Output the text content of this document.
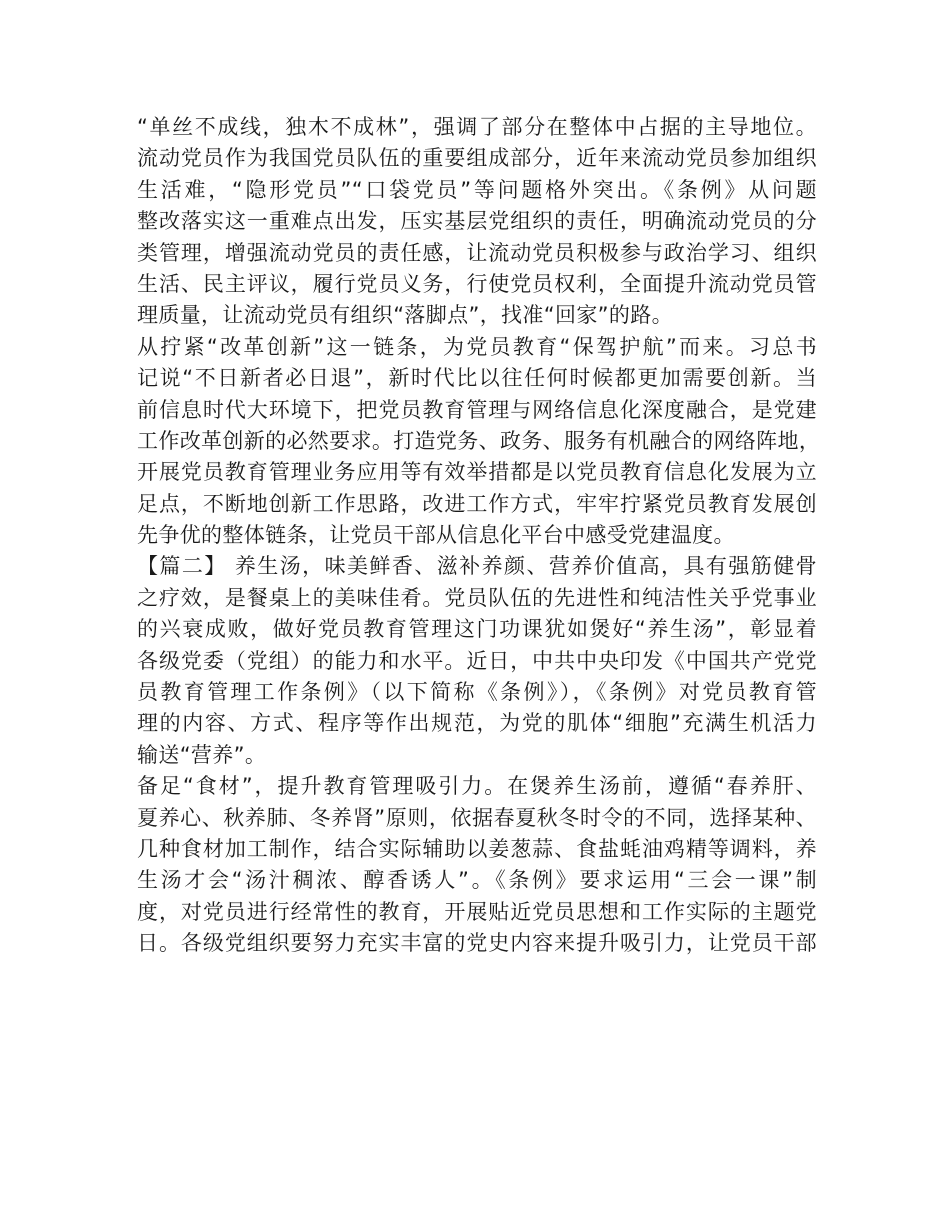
“单丝不成线，独木不成林”，强调了部分在整体中占据的主导地位。
流动党员作为我国党员队伍的重要组成部分，近年来流动党员参加组织
生活难，“隐形党员”“口袋党员”等问题格外突出。《条例》从问题
整改落实这一重难点出发，压实基层党组织的责任，明确流动党员的分
类管理，增强流动党员的责任感，让流动党员积极参与政治学习、组织
生活、民主评议，履行党员义务，行使党员权利，全面提升流动党员管
理质量，让流动党员有组织“落脚点”，找准“回家”的路。
从拧紧“改革创新”这一链条，为党员教育“保驾护航”而来。习总书
记说“不日新者必日退”，新时代比以往任何时候都更加需要创新。当
前信息时代大环境下，把党员教育管理与网络信息化深度融合，是党建
工作改革创新的必然要求。打造党务、政务、服务有机融合的网络阵地，
开展党员教育管理业务应用等有效举措都是以党员教育信息化发展为立
足点，不断地创新工作思路，改进工作方式，牢牢拧紧党员教育发展创
先争优的整体链条，让党员干部从信息化平台中感受党建温度。
【篇二】 养生汤，味美鲜香、滋补养颜、营养价值高，具有强筋健骨
之疗效，是餐桌上的美味佳肴。党员队伍的先进性和纯洁性关乎党事业
的兴衰成败，做好党员教育管理这门功课犹如煲好“养生汤”，彰显着
各级党委（党组）的能力和水平。近日，中共中央印发《中国共产党党
员教育管理工作条例》（以下简称《条例》），《条例》对党员教育管
理的内容、方式、程序等作出规范，为党的肌体“细胞”充满生机活力
输送“营养”。
备足“食材”，提升教育管理吸引力。在煲养生汤前，遵循“春养肝、
夏养心、秋养肺、冬养肾”原则，依据春夏秋冬时令的不同，选择某种、
几种食材加工制作，结合实际辅助以姜葱蒜、食盐蚝油鸡精等调料，养
生汤才会“汤汁稠浓、醇香诱人”。《条例》要求运用“三会一课”制
度，对党员进行经常性的教育，开展贴近党员思想和工作实际的主题党
日。各级党组织要努力充实丰富的党史内容来提升吸引力，让党员干部
